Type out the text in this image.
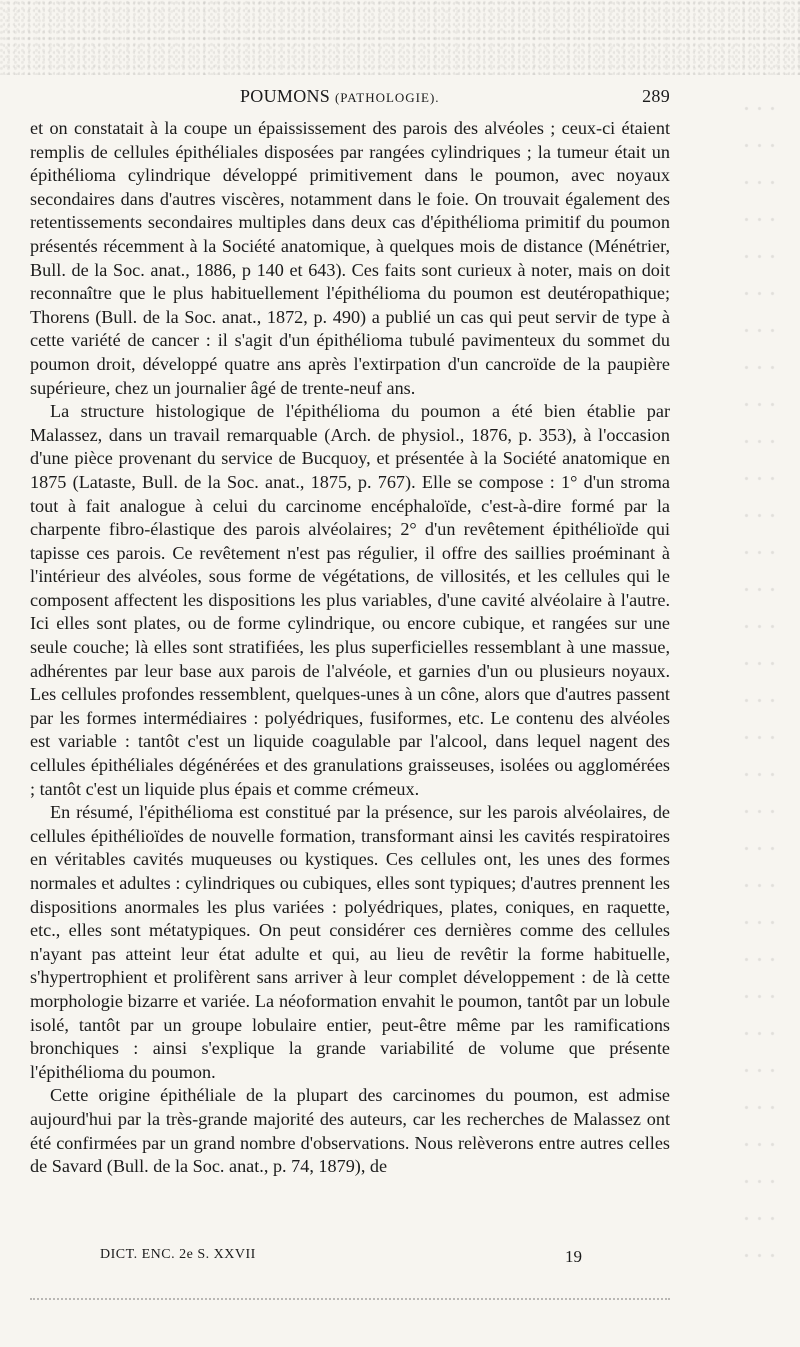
POUMONS (PATHOLOGIE).	289

et on constatait à la coupe un épaississement des parois des alvéoles ; ceux-ci étaient remplis de cellules épithéliales disposées par rangées cylindriques ; la tumeur était un épithélioma cylindrique développé primitivement dans le poumon, avec noyaux secondaires dans d'autres viscères, notamment dans le foie. On trouvait également des retentissements secondaires multiples dans deux cas d'épithélioma primitif du poumon présentés récemment à la Société anatomique, à quelques mois de distance (Ménétrier, Bull. de la Soc. anat., 1886, p 140 et 643). Ces faits sont curieux à noter, mais on doit reconnaître que le plus habituellement l'épithélioma du poumon est deutéropathique; Thorens (Bull. de la Soc. anat., 1872, p. 490) a publié un cas qui peut servir de type à cette variété de cancer : il s'agit d'un épithélioma tubulé pavimenteux du sommet du poumon droit, développé quatre ans après l'extirpation d'un cancroïde de la paupière supérieure, chez un journalier âgé de trente-neuf ans.

La structure histologique de l'épithélioma du poumon a été bien établie par Malassez, dans un travail remarquable (Arch. de physiol., 1876, p. 353), à l'occasion d'une pièce provenant du service de Bucquoy, et présentée à la Société anatomique en 1875 (Lataste, Bull. de la Soc. anat., 1875, p. 767). Elle se compose : 1° d'un stroma tout à fait analogue à celui du carcinome encéphaloïde, c'est-à-dire formé par la charpente fibro-élastique des parois alvéolaires; 2° d'un revêtement épithélioïde qui tapisse ces parois. Ce revêtement n'est pas régulier, il offre des saillies proéminant à l'intérieur des alvéoles, sous forme de végétations, de villosités, et les cellules qui le composent affectent les dispositions les plus variables, d'une cavité alvéolaire à l'autre. Ici elles sont plates, ou de forme cylindrique, ou encore cubique, et rangées sur une seule couche; là elles sont stratifiées, les plus superficielles ressemblant à une massue, adhérentes par leur base aux parois de l'alvéole, et garnies d'un ou plusieurs noyaux. Les cellules profondes ressemblent, quelques-unes à un cône, alors que d'autres passent par les formes intermédiaires : polyédriques, fusiformes, etc. Le contenu des alvéoles est variable : tantôt c'est un liquide coagulable par l'alcool, dans lequel nagent des cellules épithéliales dégénérées et des granulations graisseuses, isolées ou agglomérées ; tantôt c'est un liquide plus épais et comme crémeux.

En résumé, l'épithélioma est constitué par la présence, sur les parois alvéolaires, de cellules épithélioïdes de nouvelle formation, transformant ainsi les cavités respiratoires en véritables cavités muqueuses ou kystiques. Ces cellules ont, les unes des formes normales et adultes : cylindriques ou cubiques, elles sont typiques; d'autres prennent les dispositions anormales les plus variées : polyédriques, plates, coniques, en raquette, etc., elles sont métatypiques. On peut considérer ces dernières comme des cellules n'ayant pas atteint leur état adulte et qui, au lieu de revêtir la forme habituelle, s'hypertrophient et prolifèrent sans arriver à leur complet développement : de là cette morphologie bizarre et variée. La néoformation envahit le poumon, tantôt par un lobule isolé, tantôt par un groupe lobulaire entier, peut-être même par les ramifications bronchiques : ainsi s'explique la grande variabilité de volume que présente l'épithélioma du poumon.

Cette origine épithéliale de la plupart des carcinomes du poumon, est admise aujourd'hui par la très-grande majorité des auteurs, car les recherches de Malassez ont été confirmées par un grand nombre d'observations. Nous relèverons entre autres celles de Savard (Bull. de la Soc. anat., p. 74, 1879), de

DICT. ENC. 2e S. XXVII	19
